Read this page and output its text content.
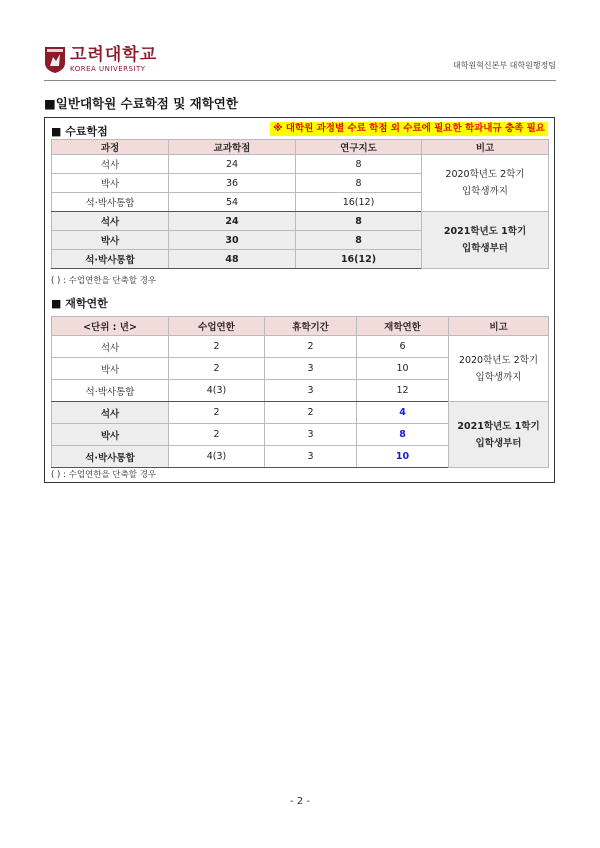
고려대학교
KOREA UNIVERSITY	대학원혁신본부 대학원행정팀
■일반대학원 수료학점 및 재학연한
■ 수료학점	※ 대학원 과정별 수료 학점 외 수료에 필요한 학과내규 충족 필요
과정	교과학점	연구지도	비고
석사	24	8	2020학년도 2학기
입학생까지

박사	36	8	
석·박사통합	54	16(12)	
석사	24	8	2021학년도 1학기
입학생부터

박사	30	8	
석·박사통합	48	16(12)	
( ) : 수업연한을 단축할 경우
■ 재학연한
<단위 : 년>	수업연한	휴학기간	재학연한	비고
석사	2	2	6	2020학년도 2학기
입학생까지

박사	2	3	10	
석·박사통합	4(3)	3	12	
석사	2	2	4	2021학년도 1학기
입학생부터

박사	2	3	8	
석·박사통합	4(3)	3	10	
( ) : 수업연한을 단축할 경우
- 2 -
